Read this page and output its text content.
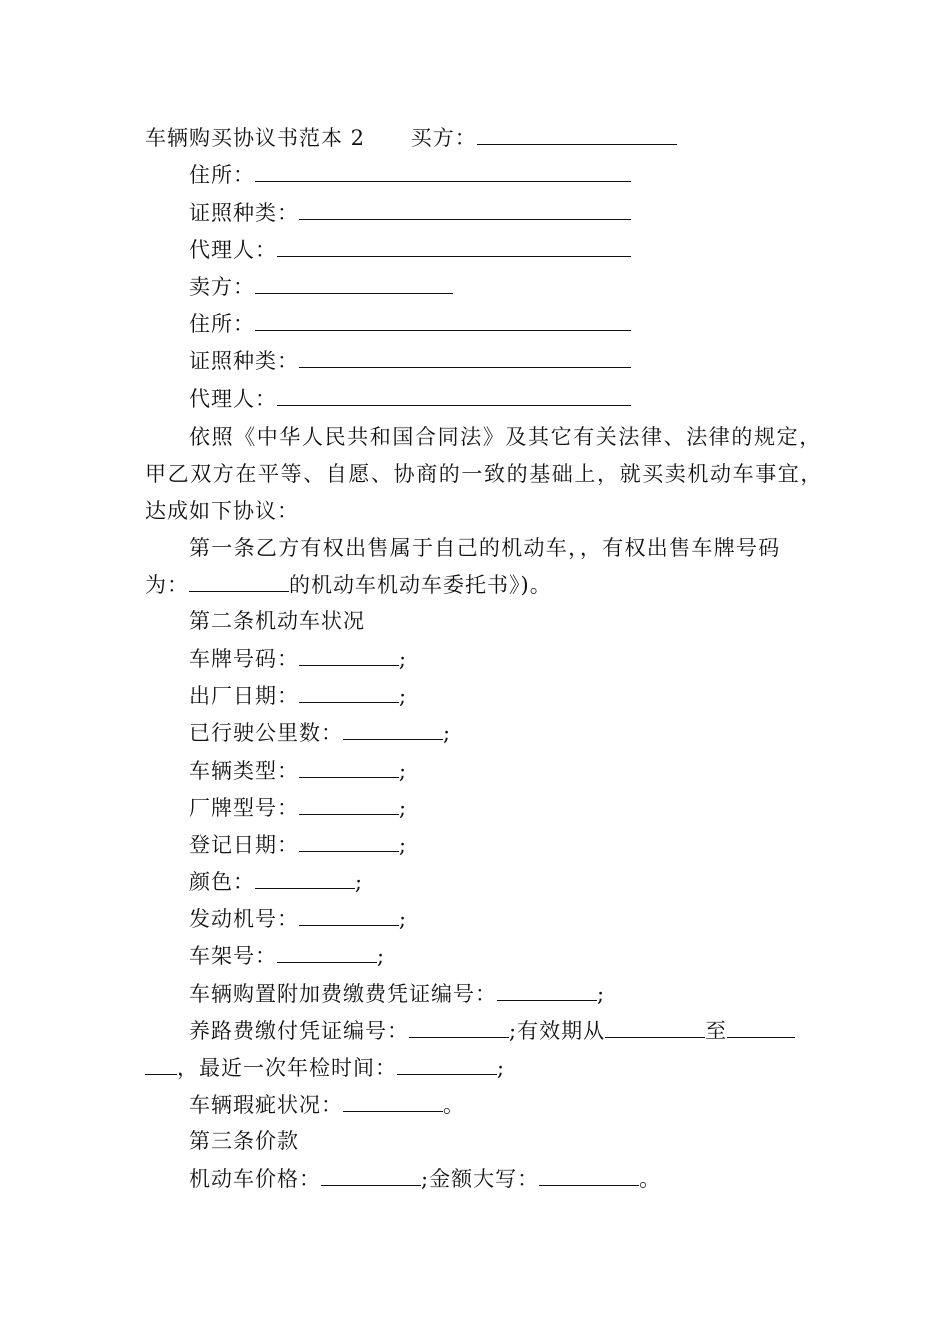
车辆购买协议书范本 2 买方：
住所：
证照种类：
代理人：
卖方：
住所：
证照种类：
代理人：
依照《中华人民共和国合同法》及其它有关法律、法律的规定，
甲乙双方在平等、自愿、协商的一致的基础上，就买卖机动车事宜，
达成如下协议：
第一条乙方有权出售属于自己的机动车，，有权出售车牌号码
为：	的机动车机动车委托书》)。
第二条机动车状况
车牌号码：	;
出厂日期：	;
已行驶公里数：	;
车辆类型：	;
厂牌型号：	;
登记日期：	;
颜色：	;
发动机号：	;
车架号：	;
车辆购置附加费缴费凭证编号：	;
养路费缴付凭证编号：	;有效期从	至
，最近一次年检时间：	;
车辆瑕疵状况：	。
第三条价款
机动车价格：	;金额大写：	。
